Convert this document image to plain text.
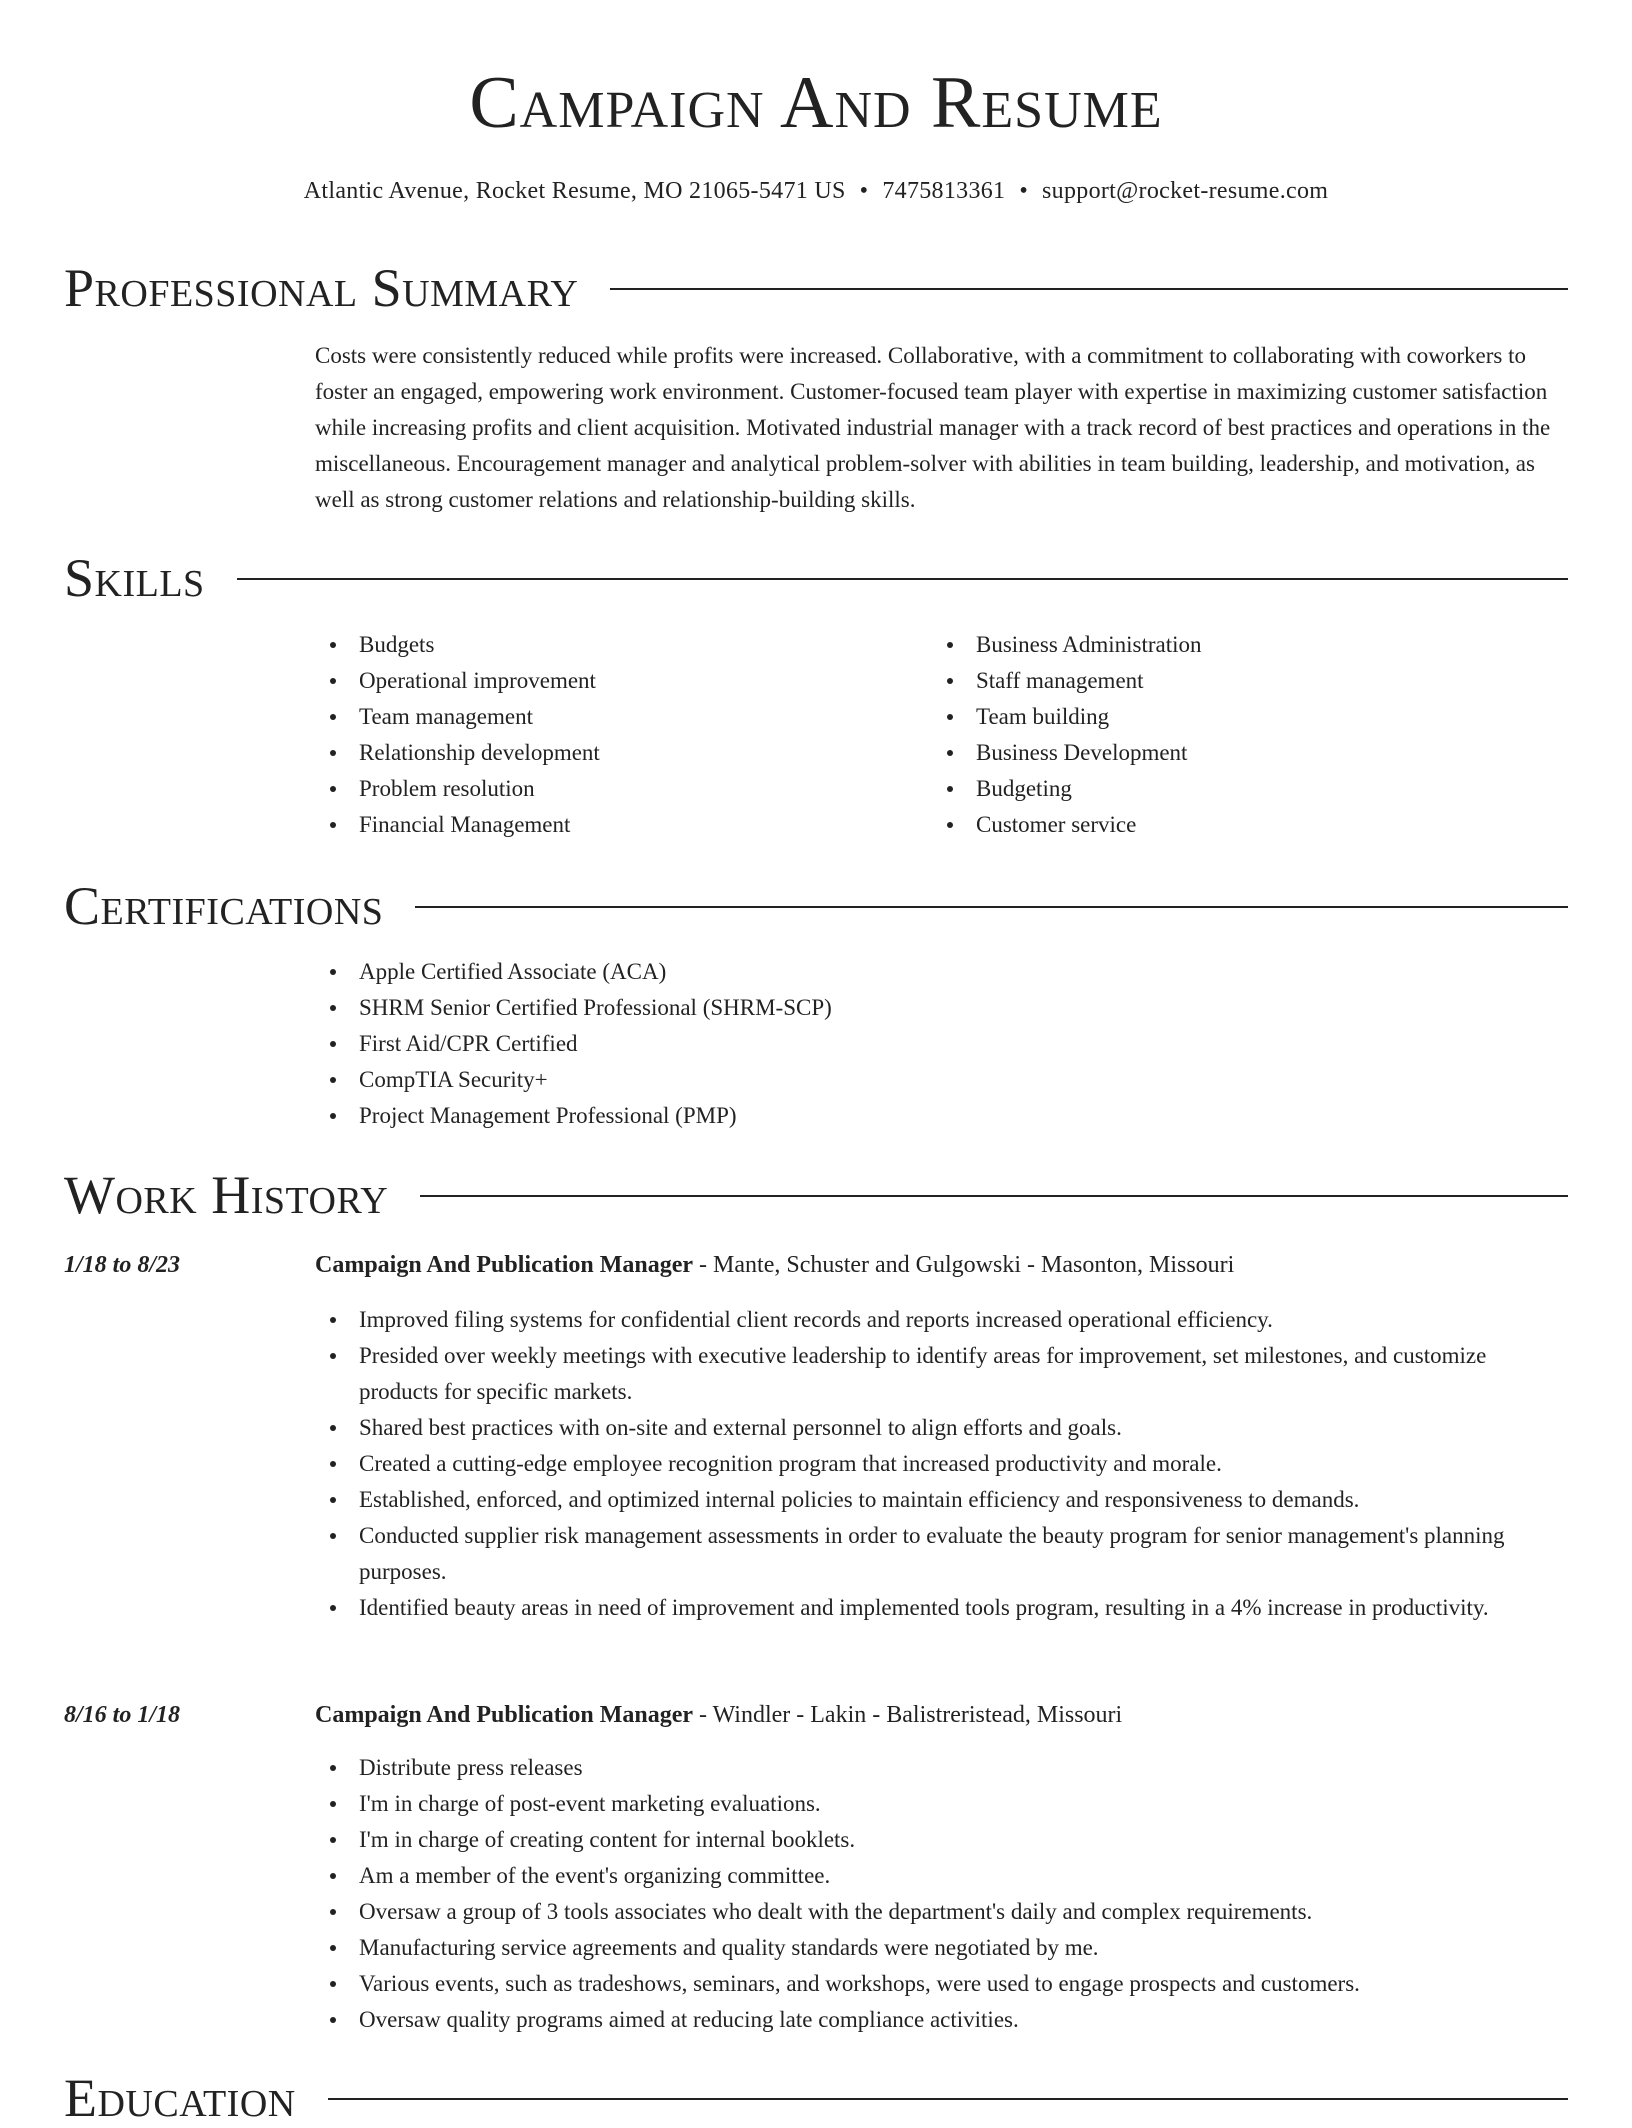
Campaign And Resume
Atlantic Avenue, Rocket Resume, MO 21065-5471 US • 7475813361 • support@rocket-resume.com
Professional Summary

Costs were consistently reduced while profits were increased. Collaborative, with a commitment to collaborating with coworkers to foster an engaged, empowering work environment. Customer-focused team player with expertise in maximizing customer satisfaction while increasing profits and client acquisition. Motivated industrial manager with a track record of best practices and operations in the miscellaneous. Encouragement manager and analytical problem-solver with abilities in team building, leadership, and motivation, as well as strong customer relations and relationship-building skills.

Skills
Budgets
Operational improvement
Team management
Relationship development
Problem resolution
Financial Management
Business Administration
Staff management
Team building
Business Development
Budgeting
Customer service
Certifications
Apple Certified Associate (ACA)
SHRM Senior Certified Professional (SHRM-SCP)
First Aid/CPR Certified
CompTIA Security+
Project Management Professional (PMP)
Work History
1/18 to 8/23	Campaign And Publication Manager - Mante, Schuster and Gulgowski - Masonton, Missouri
Improved filing systems for confidential client records and reports increased operational efficiency.
Presided over weekly meetings with executive leadership to identify areas for improvement, set milestones, and customize products for specific markets.
Shared best practices with on-site and external personnel to align efforts and goals.
Created a cutting-edge employee recognition program that increased productivity and morale.
Established, enforced, and optimized internal policies to maintain efficiency and responsiveness to demands.
Conducted supplier risk management assessments in order to evaluate the beauty program for senior management's planning purposes.
Identified beauty areas in need of improvement and implemented tools program, resulting in a 4% increase in productivity.
8/16 to 1/18	Campaign And Publication Manager - Windler - Lakin - Balistreristead, Missouri
Distribute press releases
I'm in charge of post-event marketing evaluations.
I'm in charge of creating content for internal booklets.
Am a member of the event's organizing committee.
Oversaw a group of 3 tools associates who dealt with the department's daily and complex requirements.
Manufacturing service agreements and quality standards were negotiated by me.
Various events, such as tradeshows, seminars, and workshops, were used to engage prospects and customers.
Oversaw quality programs aimed at reducing late compliance activities.
Education
